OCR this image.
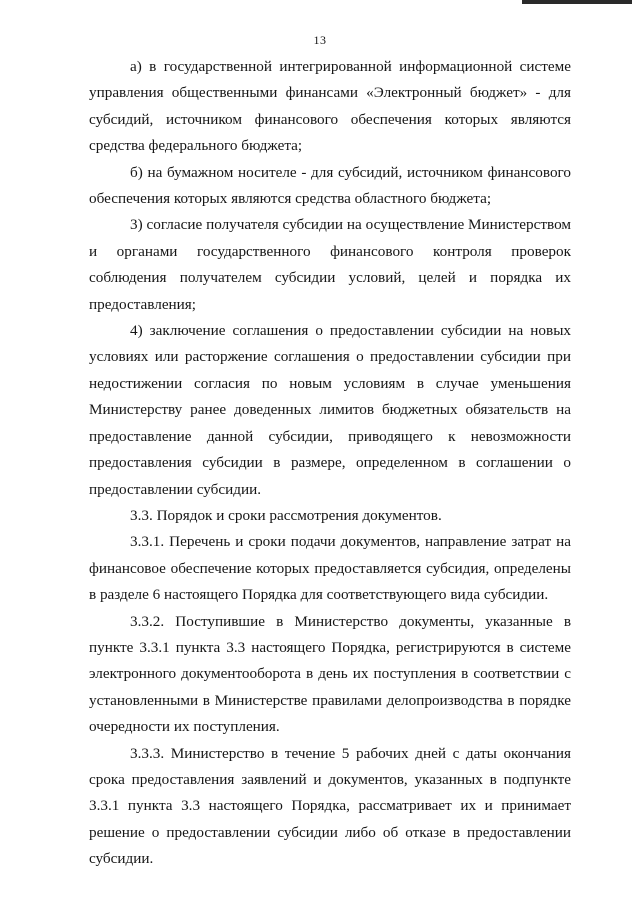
13

а) в государственной интегрированной информационной системе управления общественными финансами «Электронный бюджет» - для субсидий, источником финансового обеспечения которых являются средства федерального бюджета;

б) на бумажном носителе - для субсидий, источником финансового обеспечения которых являются средства областного бюджета;

3) согласие получателя субсидии на осуществление Министерством и органами государственного финансового контроля проверок соблюдения получателем субсидии условий, целей и порядка их предоставления;

4) заключение соглашения о предоставлении субсидии на новых условиях или расторжение соглашения о предоставлении субсидии при недостижении согласия по новым условиям в случае уменьшения Министерству ранее доведенных лимитов бюджетных обязательств на предоставление данной субсидии, приводящего к невозможности предоставления субсидии в размере, определенном в соглашении о предоставлении субсидии.

3.3. Порядок и сроки рассмотрения документов.

3.3.1. Перечень и сроки подачи документов, направление затрат на финансовое обеспечение которых предоставляется субсидия, определены в разделе 6 настоящего Порядка для соответствующего вида субсидии.

3.3.2. Поступившие в Министерство документы, указанные в пункте 3.3.1 пункта 3.3 настоящего Порядка, регистрируются в системе электронного документооборота в день их поступления в соответствии с установленными в Министерстве правилами делопроизводства в порядке очередности их поступления.

3.3.3. Министерство в течение 5 рабочих дней с даты окончания срока предоставления заявлений и документов, указанных в подпункте 3.3.1 пункта 3.3 настоящего Порядка, рассматривает их и принимает решение о предоставлении субсидии либо об отказе в предоставлении субсидии.
